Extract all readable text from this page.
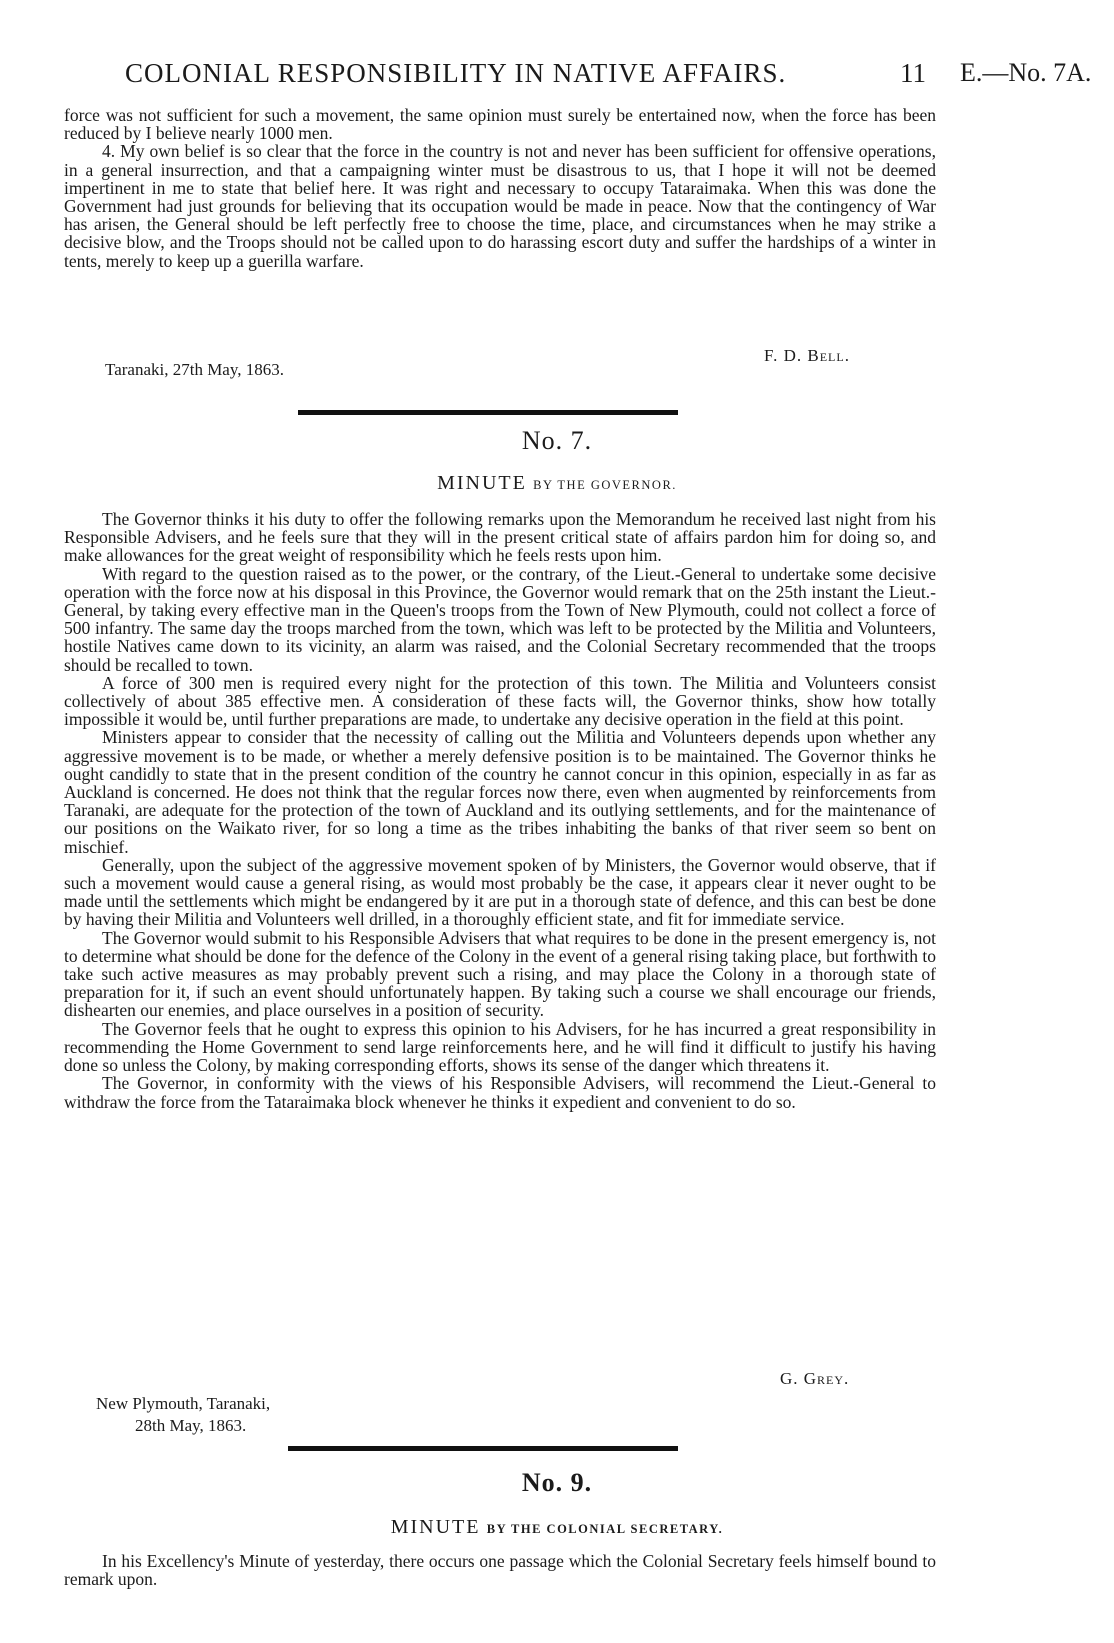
COLONIAL RESPONSIBILITY IN NATIVE AFFAIRS.	11 E.—No. 7A.

force was not sufficient for such a movement, the same opinion must surely be entertained now, when the force has been reduced by I believe nearly 1000 men.

4. My own belief is so clear that the force in the country is not and never has been sufficient for offensive operations, in a general insurrection, and that a campaigning winter must be disastrous to us, that I hope it will not be deemed impertinent in me to state that belief here. It was right and necessary to occupy Tataraimaka. When this was done the Government had just grounds for believing that its occupation would be made in peace. Now that the contingency of War has arisen, the General should be left perfectly free to choose the time, place, and circumstances when he may strike a decisive blow, and the Troops should not be called upon to do harassing escort duty and suffer the hardships of a winter in tents, merely to keep up a guerilla warfare.

F. D. Bell.
Taranaki, 27th May, 1863.
No. 7.
MINUTE BY THE GOVERNOR.

The Governor thinks it his duty to offer the following remarks upon the Memorandum he received last night from his Responsible Advisers, and he feels sure that they will in the present critical state of affairs pardon him for doing so, and make allowances for the great weight of responsibility which he feels rests upon him.

With regard to the question raised as to the power, or the contrary, of the Lieut.-General to undertake some decisive operation with the force now at his disposal in this Province, the Governor would remark that on the 25th instant the Lieut.-General, by taking every effective man in the Queen's troops from the Town of New Plymouth, could not collect a force of 500 infantry. The same day the troops marched from the town, which was left to be protected by the Militia and Volunteers, hostile Natives came down to its vicinity, an alarm was raised, and the Colonial Secretary recommended that the troops should be recalled to town.

A force of 300 men is required every night for the protection of this town. The Militia and Volunteers consist collectively of about 385 effective men. A consideration of these facts will, the Governor thinks, show how totally impossible it would be, until further preparations are made, to undertake any decisive operation in the field at this point.

Ministers appear to consider that the necessity of calling out the Militia and Volunteers depends upon whether any aggressive movement is to be made, or whether a merely defensive position is to be maintained. The Governor thinks he ought candidly to state that in the present condition of the country he cannot concur in this opinion, especially in as far as Auckland is concerned. He does not think that the regular forces now there, even when augmented by reinforcements from Taranaki, are adequate for the protection of the town of Auckland and its outlying settlements, and for the maintenance of our positions on the Waikato river, for so long a time as the tribes inhabiting the banks of that river seem so bent on mischief.

Generally, upon the subject of the aggressive movement spoken of by Ministers, the Governor would observe, that if such a movement would cause a general rising, as would most probably be the case, it appears clear it never ought to be made until the settlements which might be endangered by it are put in a thorough state of defence, and this can best be done by having their Militia and Volunteers well drilled, in a thoroughly efficient state, and fit for immediate service.

The Governor would submit to his Responsible Advisers that what requires to be done in the present emergency is, not to determine what should be done for the defence of the Colony in the event of a general rising taking place, but forthwith to take such active measures as may probably prevent such a rising, and may place the Colony in a thorough state of preparation for it, if such an event should unfortunately happen. By taking such a course we shall encourage our friends, dishearten our enemies, and place ourselves in a position of security.

The Governor feels that he ought to express this opinion to his Advisers, for he has incurred a great responsibility in recommending the Home Government to send large reinforcements here, and he will find it difficult to justify his having done so unless the Colony, by making corresponding efforts, shows its sense of the danger which threatens it.

The Governor, in conformity with the views of his Responsible Advisers, will recommend the Lieut.-General to withdraw the force from the Tataraimaka block whenever he thinks it expedient and convenient to do so.

G. Grey.
New Plymouth, Taranaki,
28th May, 1863.
No. 9.
MINUTE BY THE COLONIAL SECRETARY.

In his Excellency's Minute of yesterday, there occurs one passage which the Colonial Secretary feels himself bound to remark upon.
